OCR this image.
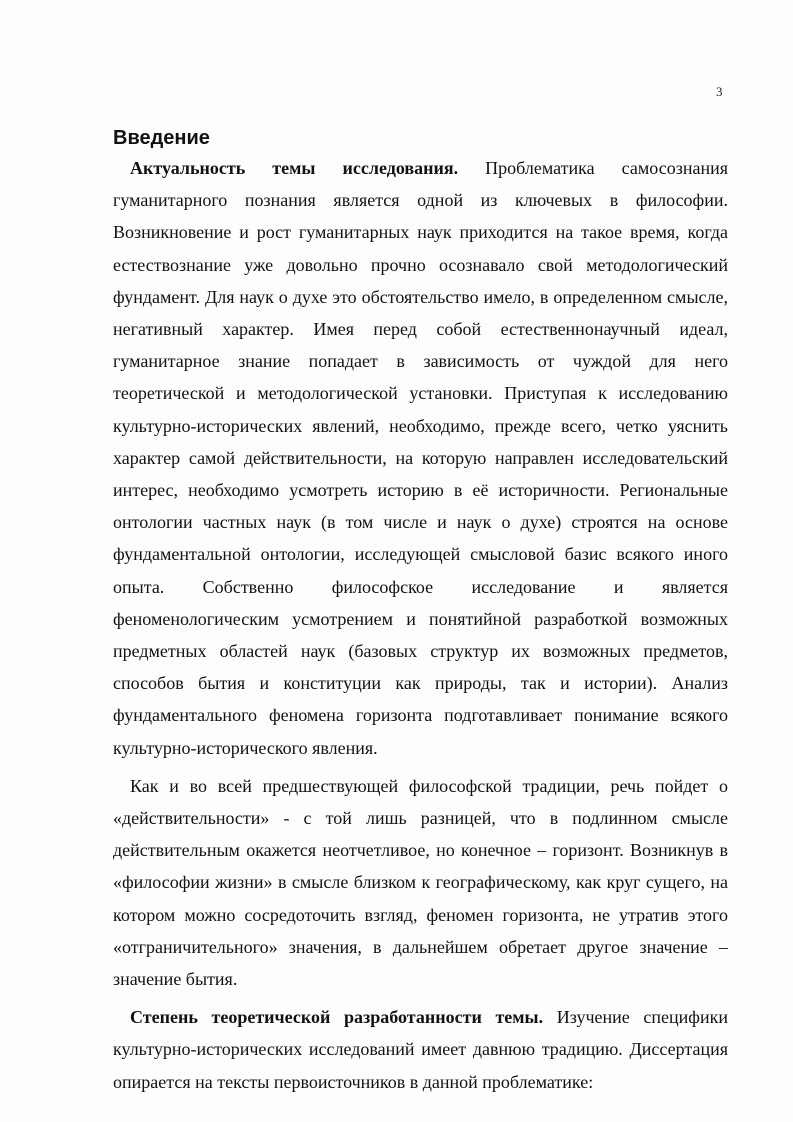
3
Введение

Актуальность темы исследования. Проблематика самосознания гуманитарного познания является одной из ключевых в философии. Возникновение и рост гуманитарных наук приходится на такое время, когда естествознание уже довольно прочно осознавало свой методологический фундамент. Для наук о духе это обстоятельство имело, в определенном смысле, негативный характер. Имея перед собой естественнонаучный идеал, гуманитарное знание попадает в зависимость от чуждой для него теоретической и методологической установки. Приступая к исследованию культурно-исторических явлений, необходимо, прежде всего, четко уяснить характер самой действительности, на которую направлен исследовательский интерес, необходимо усмотреть историю в её историчности. Региональные онтологии частных наук (в том числе и наук о духе) строятся на основе фундаментальной онтологии, исследующей смысловой базис всякого иного опыта. Собственно философское исследование и является феноменологическим усмотрением и понятийной разработкой возможных предметных областей наук (базовых структур их возможных предметов, способов бытия и конституции как природы, так и истории). Анализ фундаментального феномена горизонта подготавливает понимание всякого культурно-исторического явления.

Как и во всей предшествующей философской традиции, речь пойдет о «действительности» - с той лишь разницей, что в подлинном смысле действительным окажется неотчетливое, но конечное – горизонт. Возникнув в «философии жизни» в смысле близком к географическому, как круг сущего, на котором можно сосредоточить взгляд, феномен горизонта, не утратив этого «отграничительного» значения, в дальнейшем обретает другое значение – значение бытия.

Степень теоретической разработанности темы. Изучение специфики культурно-исторических исследований имеет давнюю традицию. Диссертация опирается на тексты первоисточников в данной проблематике:
